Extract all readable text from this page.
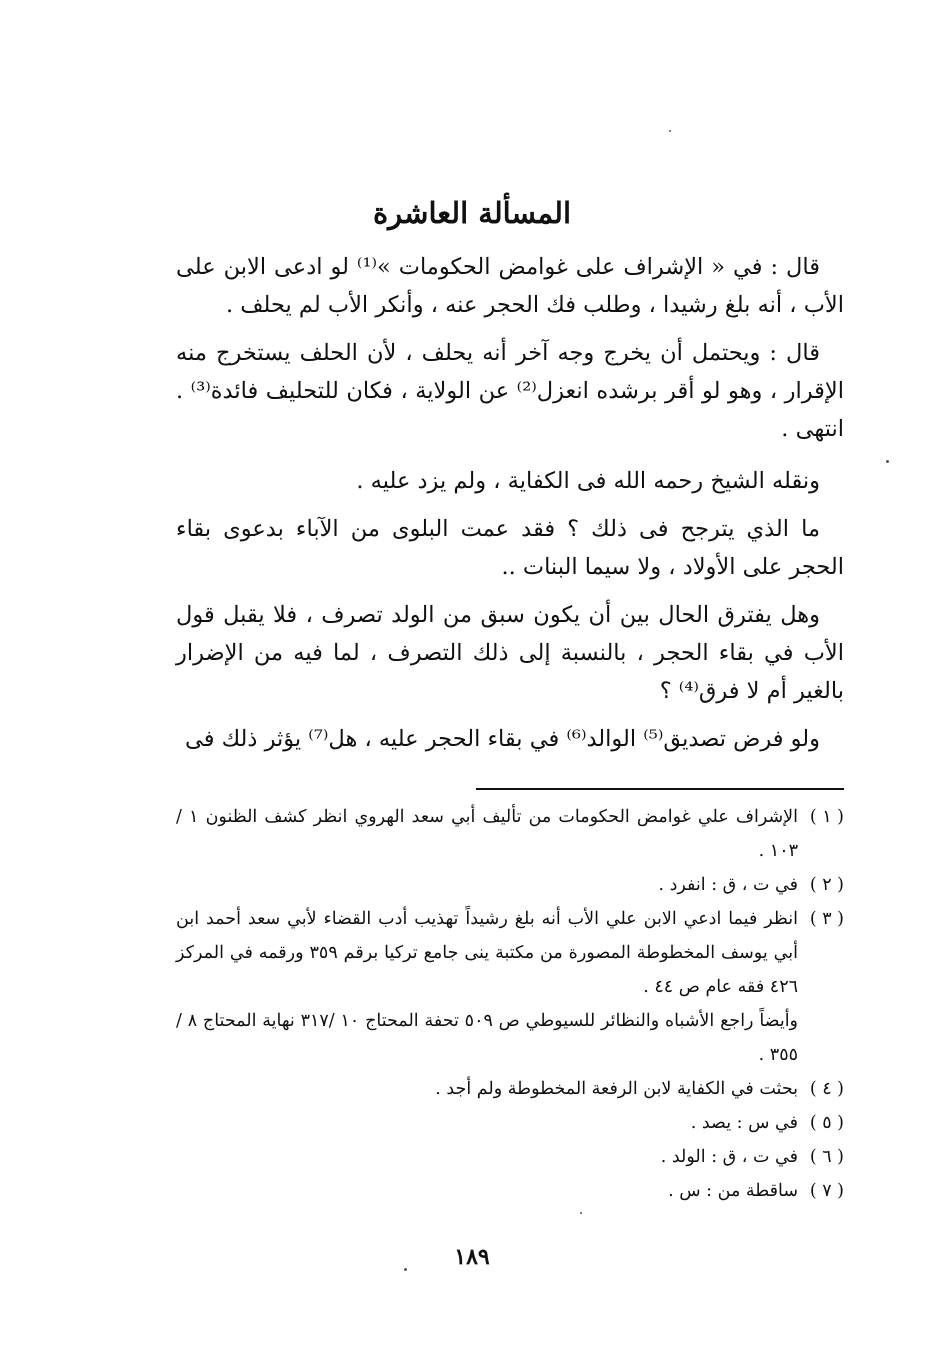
المسألة العاشرة

قال : في « الإشراف على غوامض الحكومات »⁽¹⁾ لو ادعى الابن على الأب ، أنه بلغ رشيدا ، وطلب فك الحجر عنه ، وأنكر الأب لم يحلف .

قال : ويحتمل أن يخرج وجه آخر أنه يحلف ، لأن الحلف يستخرج منه الإقرار ، وهو لو أقر برشده انعزل⁽²⁾ عن الولاية ، فكان للتحليف فائدة⁽³⁾ . انتهى .

ونقله الشيخ رحمه الله فى الكفاية ، ولم يزد عليه .

ما الذي يترجح فى ذلك ؟ فقد عمت البلوى من الآباء بدعوى بقاء الحجر على الأولاد ، ولا سيما البنات ..

وهل يفترق الحال بين أن يكون سبق من الولد تصرف ، فلا يقبل قول الأب في بقاء الحجر ، بالنسبة إلى ذلك التصرف ، لما فيه من الإضرار بالغير أم لا فرق⁽⁴⁾ ؟

ولو فرض تصديق⁽⁵⁾ الوالد⁽⁶⁾ في بقاء الحجر عليه ، هل⁽⁷⁾ يؤثر ذلك فى

( ١ )
الإشراف علي غوامض الحكومات من تأليف أبي سعد الهروي انظر كشف الظنون ١ /١٠٣ .
( ٢ )
في ت ، ق : انفرد .
( ٣ )
انظر فيما ادعي الابن علي الأب أنه بلغ رشيداً تهذيب أدب القضاء لأبي سعد أحمد ابن أبي يوسف المخطوطة المصورة من مكتبة ينى جامع تركيا برقم ٣٥٩ ورقمه في المركز ٤٢٦ فقه عام ص ٤٤ .
وأيضاً راجع الأشباه والنظائر للسيوطي ص ٥٠٩ تحفة المحتاج ١٠ /٣١٧ نهاية المحتاج ٨ /٣٥٥ .
( ٤ )
بحثت في الكفاية لابن الرفعة المخطوطة ولم أجد .
( ٥ )
في س : يصد .
( ٦ )
في ت ، ق : الولد .
( ٧ )
ساقطة من : س .
١٨٩
